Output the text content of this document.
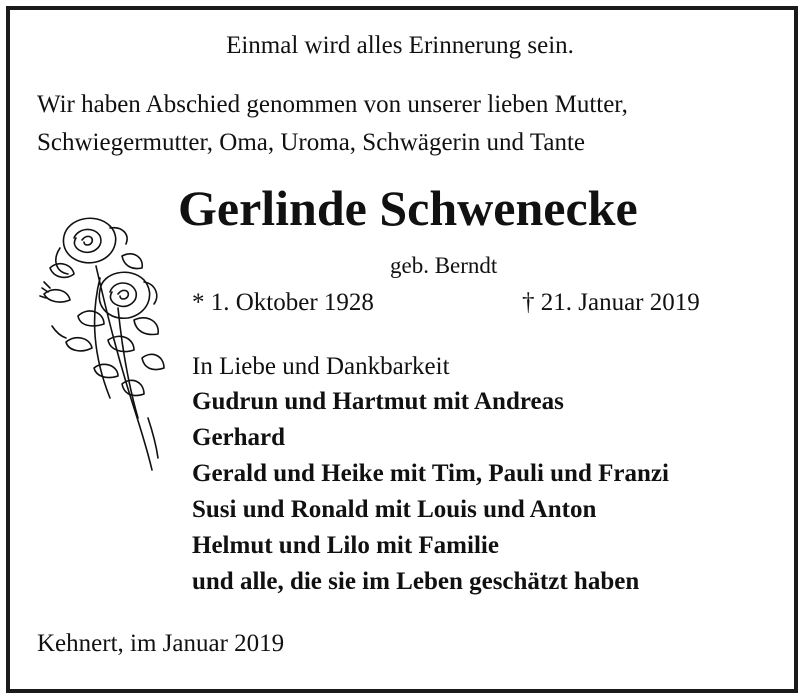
Einmal wird alles Erinnerung sein.
Wir haben Abschied genommen von unserer lieben Mutter,
Schwiegermutter, Oma, Uroma, Schwägerin und Tante
Gerlinde Schwenecke
geb. Berndt
* 1. Oktober 1928	† 21. Januar 2019
In Liebe und Dankbarkeit
Gudrun und Hartmut mit Andreas
Gerhard
Gerald und Heike mit Tim, Pauli und Franzi
Susi und Ronald mit Louis und Anton
Helmut und Lilo mit Familie
und alle, die sie im Leben geschätzt haben
Kehnert, im Januar 2019
